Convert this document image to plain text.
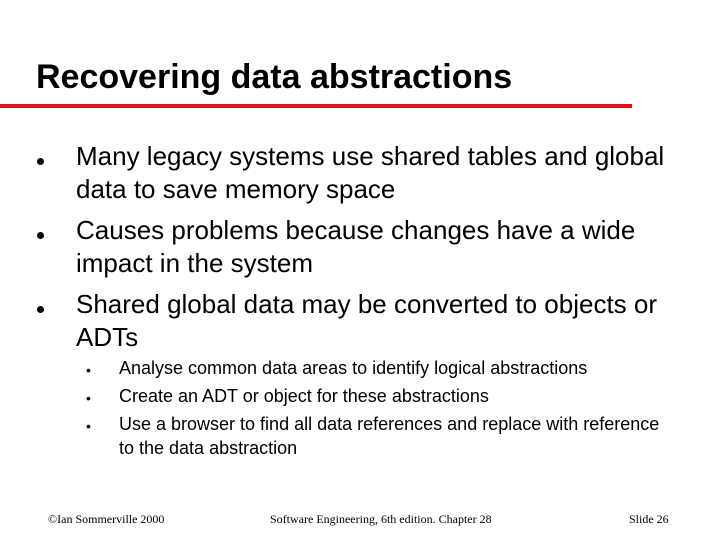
Recovering data abstractions
Many legacy systems use shared tables and global data to save memory space
Causes problems because changes have a wide impact in the system
Shared global data may be converted to objects or ADTs
• Analyse common data areas to identify logical abstractions
• Create an ADT or object for these abstractions
• Use a browser to find all data references and replace with reference to the data abstraction
©Ian Sommerville 2000	Software Engineering, 6th edition. Chapter 28	Slide 26
